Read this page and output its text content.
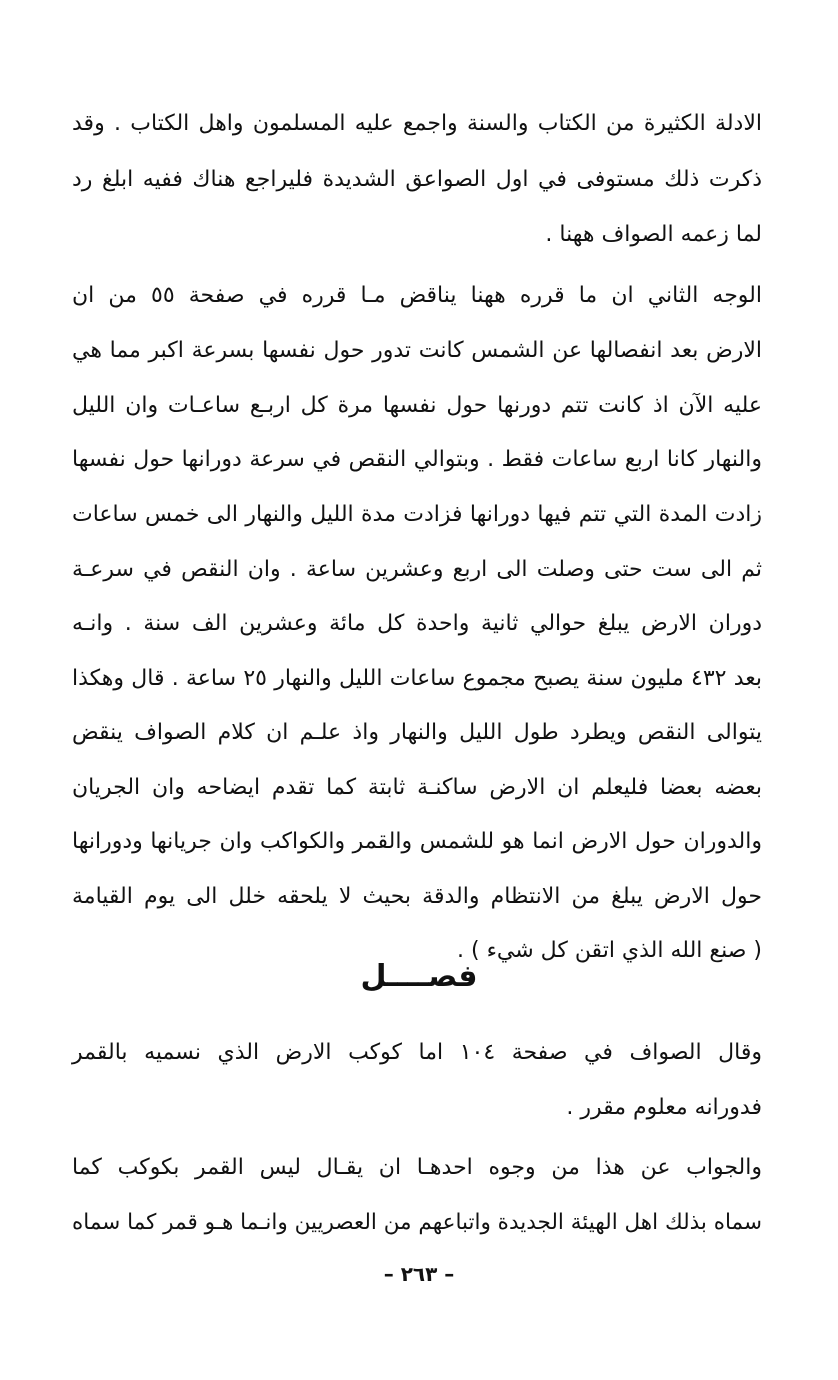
الادلة الكثيرة من الكتاب والسنة واجمع عليه المسلمون واهل الكتاب . وقد
ذكرت ذلك مستوفى في اول الصواعق الشديدة فليراجع هناك ففيه ابلغ رد
لما زعمه الصواف ههنا .
الوجه الثاني ان ما قرره ههنا يناقض مـا قرره في صفحة ٥٥ من ان
الارض بعد انفصالها عن الشمس كانت تدور حول نفسها بسرعة اكبر مما هي
عليه الآن اذ كانت تتم دورنها حول نفسها مرة كل اربـع ساعـات وان الليل
والنهار كانا اربع ساعات فقط . وبتوالي النقص في سرعة دورانها حول نفسها
زادت المدة التي تتم فيها دورانها فزادت مدة الليل والنهار الى خمس ساعات
ثم الى ست حتى وصلت الى اربع وعشرين ساعة . وان النقص في سرعـة
دوران الارض يبلغ حوالي ثانية واحدة كل مائة وعشرين الف سنة . وانـه
بعد ٤٣٢ مليون سنة يصبح مجموع ساعات الليل والنهار ٢٥ ساعة . قال وهكذا
يتوالى النقص ويطرد طول الليل والنهار واذ علـم ان كلام الصواف ينقض
بعضه بعضا فليعلم ان الارض ساكنـة ثابتة كما تقدم ايضاحه وان الجريان
والدوران حول الارض انما هو للشمس والقمر والكواكب وان جريانها ودورانها
حول الارض يبلغ من الانتظام والدقة بحيث لا يلحقه خلل الى يوم القيامة
( صنع الله الذي اتقن كل شيء ) .
فصــــل
وقال الصواف في صفحة ١٠٤ اما كوكب الارض الذي نسميه بالقمر
فدورانه معلوم مقرر .
والجواب عن هذا من وجوه احدهـا ان يقـال ليس القمر بكوكب كما
سماه بذلك اهل الهيئة الجديدة واتباعهم من العصريين وانـما هـو قمر كما سماه
– ٢٦٣ –
